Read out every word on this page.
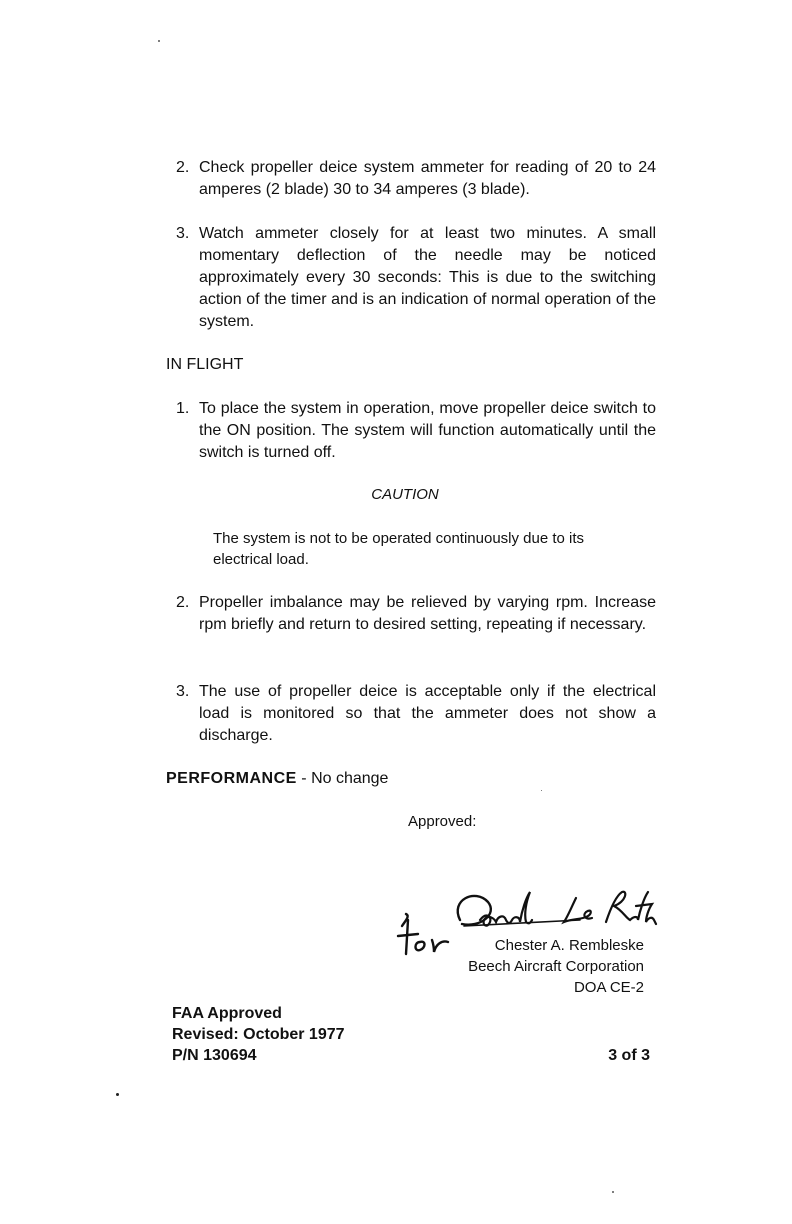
2. Check propeller deice system ammeter for reading of 20 to 24 amperes (2 blade) 30 to 34 amperes (3 blade).
3. Watch ammeter closely for at least two minutes. A small momentary deflection of the needle may be noticed approximately every 30 seconds: This is due to the switching action of the timer and is an indication of normal operation of the system.
IN FLIGHT
1. To place the system in operation, move propeller deice switch to the ON position. The system will function automatically until the switch is turned off.
CAUTION
The system is not to be operated continuously due to its electrical load.
2. Propeller imbalance may be relieved by varying rpm. Increase rpm briefly and return to desired setting, repeating if necessary.
3. The use of propeller deice is acceptable only if the electrical load is monitored so that the ammeter does not show a discharge.
PERFORMANCE - No change
Approved:
Chester A. Rembleske
Beech Aircraft Corporation
DOA CE-2
FAA Approved
Revised: October 1977
P/N 130694	3 of 3
